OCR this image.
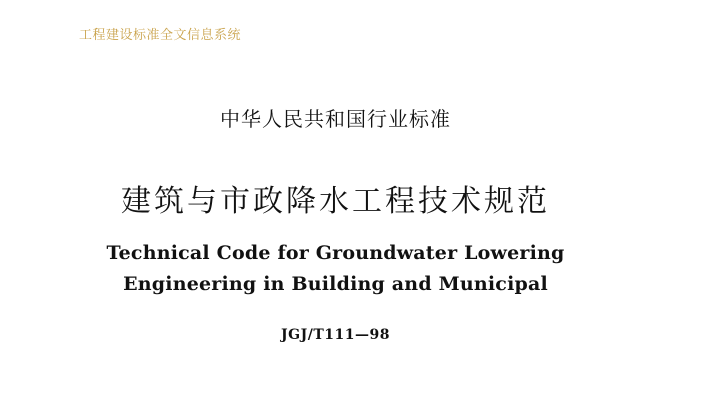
工程建设标准全文信息系统
中华人民共和国行业标准
建筑与市政降水工程技术规范
Technical Code for Groundwater Lowering
Engineering in Building and Municipal
JGJ/T111—98
